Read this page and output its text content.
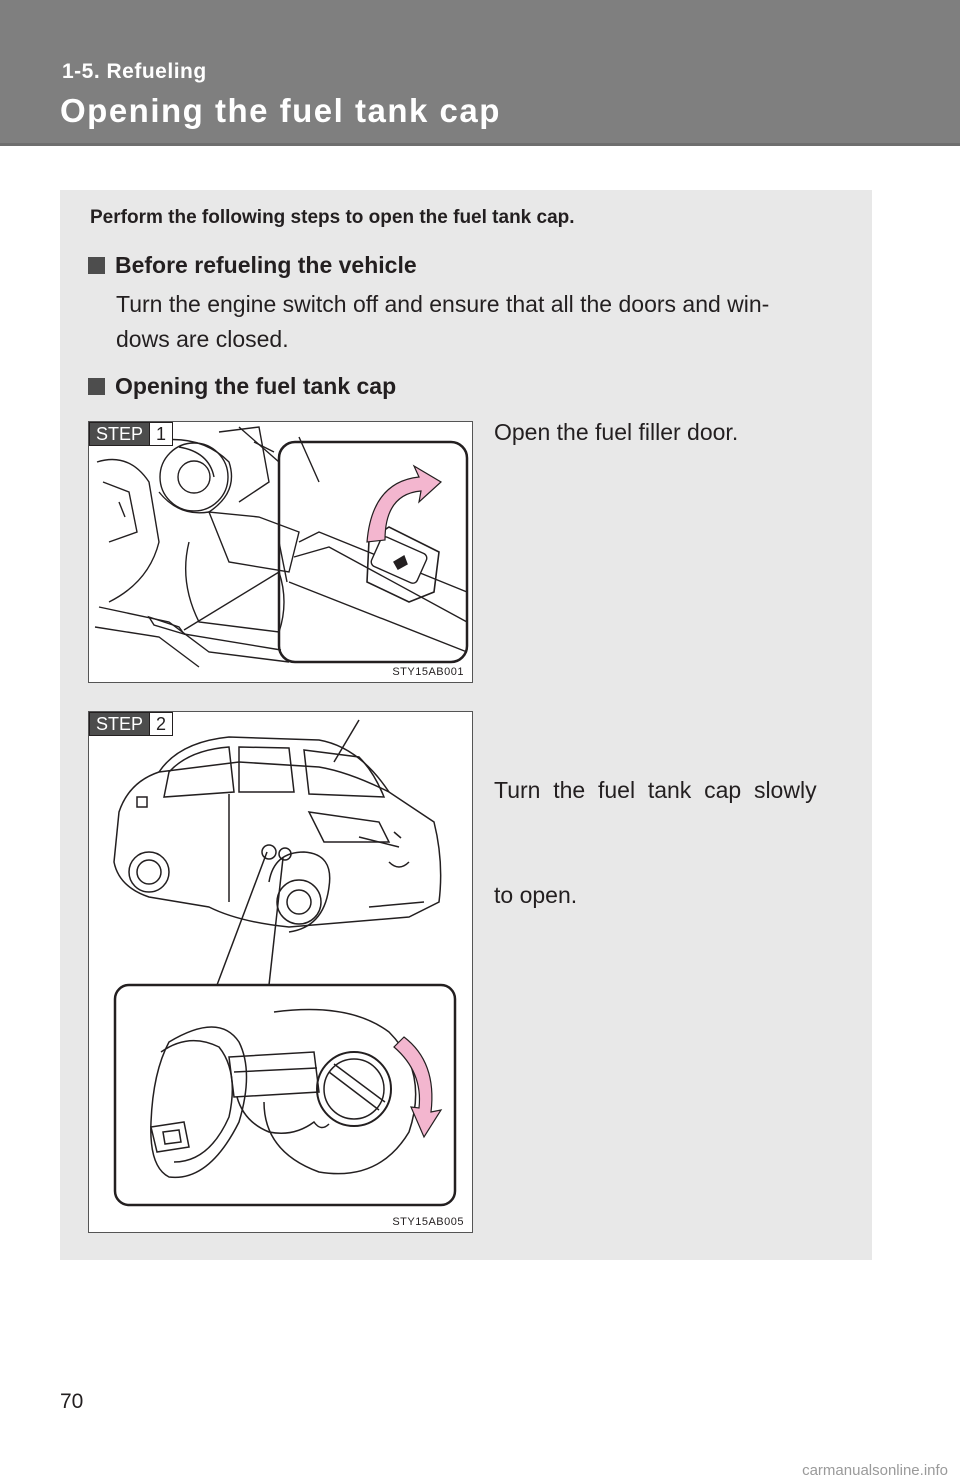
1-5. Refueling
Opening the fuel tank cap
Perform the following steps to open the fuel tank cap.
Before refueling the vehicle
Turn the engine switch off and ensure that all the doors and win-
dows are closed.
Opening the fuel tank cap
STEP 1
STY15AB001
Open the fuel filler door.
STEP 2
STY15AB005

Turn  the  fuel  tank  cap  slowly

to open.

70
carmanualsonline.info
